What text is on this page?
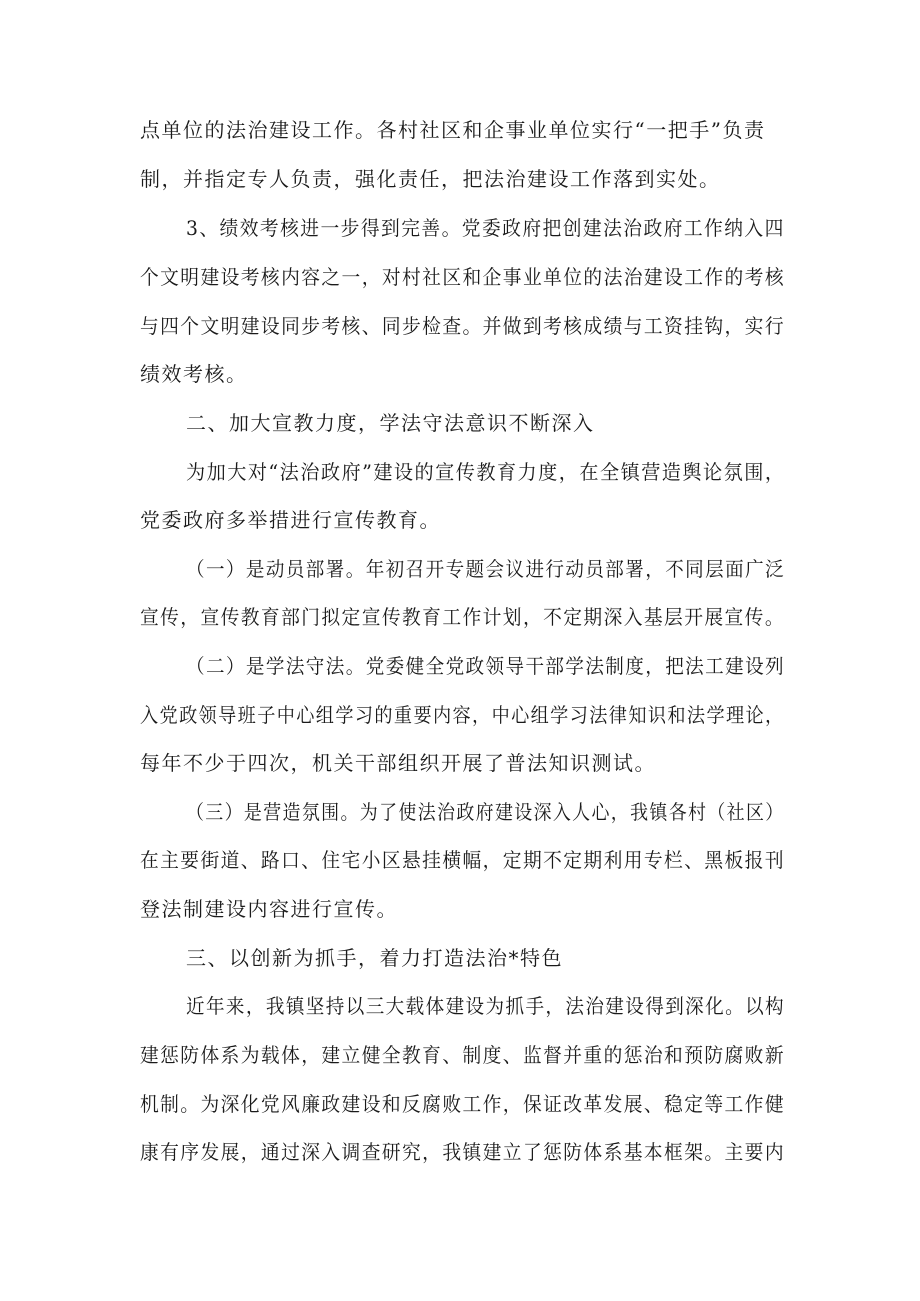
点单位的法治建设工作。各村社区和企事业单位实行“一把手”负责
制，并指定专人负责，强化责任，把法治建设工作落到实处。
3、绩效考核进一步得到完善。党委政府把创建法治政府工作纳入四
个文明建设考核内容之一，对村社区和企事业单位的法治建设工作的考核
与四个文明建设同步考核、同步检查。并做到考核成绩与工资挂钩，实行
绩效考核。
二、加大宣教力度，学法守法意识不断深入
为加大对“法治政府”建设的宣传教育力度，在全镇营造舆论氛围，
党委政府多举措进行宣传教育。
（一）是动员部署。年初召开专题会议进行动员部署，不同层面广泛
宣传，宣传教育部门拟定宣传教育工作计划，不定期深入基层开展宣传。
（二）是学法守法。党委健全党政领导干部学法制度，把法工建设列
入党政领导班子中心组学习的重要内容，中心组学习法律知识和法学理论，
每年不少于四次，机关干部组织开展了普法知识测试。
（三）是营造氛围。为了使法治政府建设深入人心，我镇各村（社区）
在主要街道、路口、住宅小区悬挂横幅，定期不定期利用专栏、黑板报刊
登法制建设内容进行宣传。
三、以创新为抓手，着力打造法治*特色
近年来，我镇坚持以三大载体建设为抓手，法治建设得到深化。以构
建惩防体系为载体，建立健全教育、制度、监督并重的惩治和预防腐败新
机制。为深化党风廉政建设和反腐败工作，保证改革发展、稳定等工作健
康有序发展，通过深入调查研究，我镇建立了惩防体系基本框架。主要内
